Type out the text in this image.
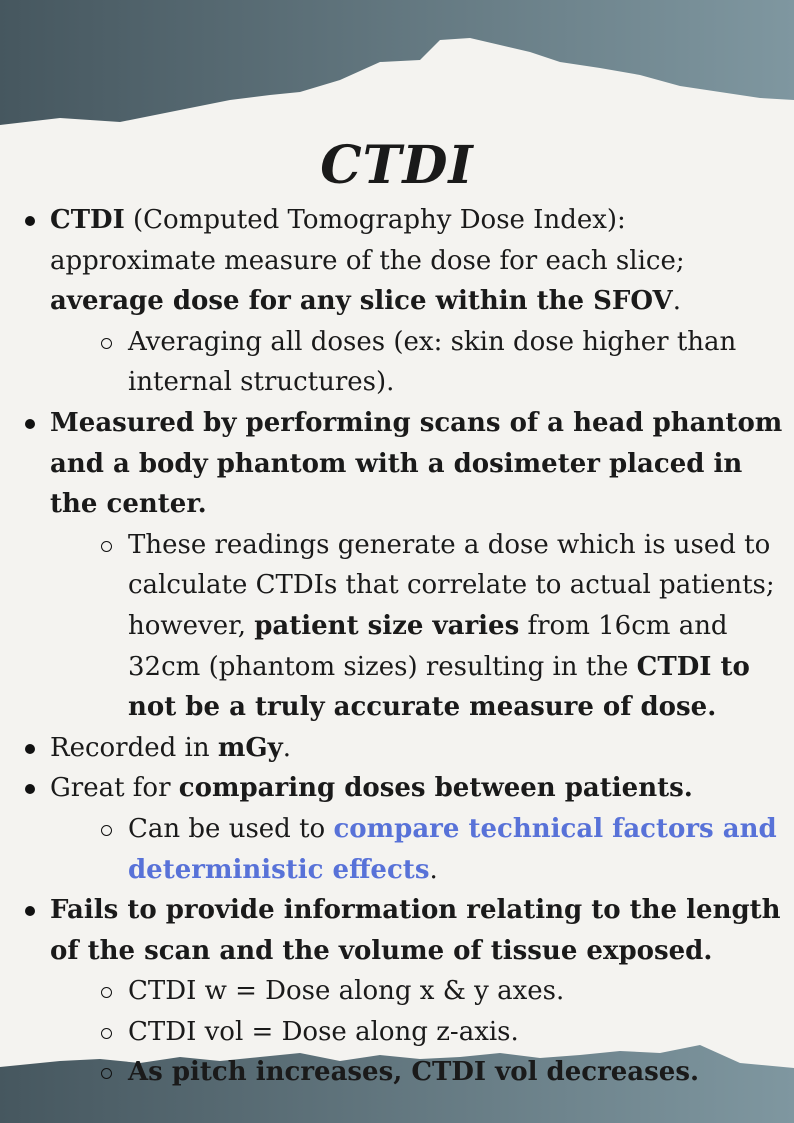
CTDI
CTDI (Computed Tomography Dose Index): approximate measure of the dose for each slice; average dose for any slice within the SFOV.
Averaging all doses (ex: skin dose higher than internal structures).
Measured by performing scans of a head phantom and a body phantom with a dosimeter placed in the center.
These readings generate a dose which is used to calculate CTDIs that correlate to actual patients; however, patient size varies from 16cm and 32cm (phantom sizes) resulting in the CTDI to not be a truly accurate measure of dose.
Recorded in mGy.
Great for comparing doses between patients.
Can be used to compare technical factors and deterministic effects.
Fails to provide information relating to the length of the scan and the volume of tissue exposed.
CTDI w = Dose along x & y axes.
CTDI vol = Dose along z-axis.
As pitch increases, CTDI vol decreases.
